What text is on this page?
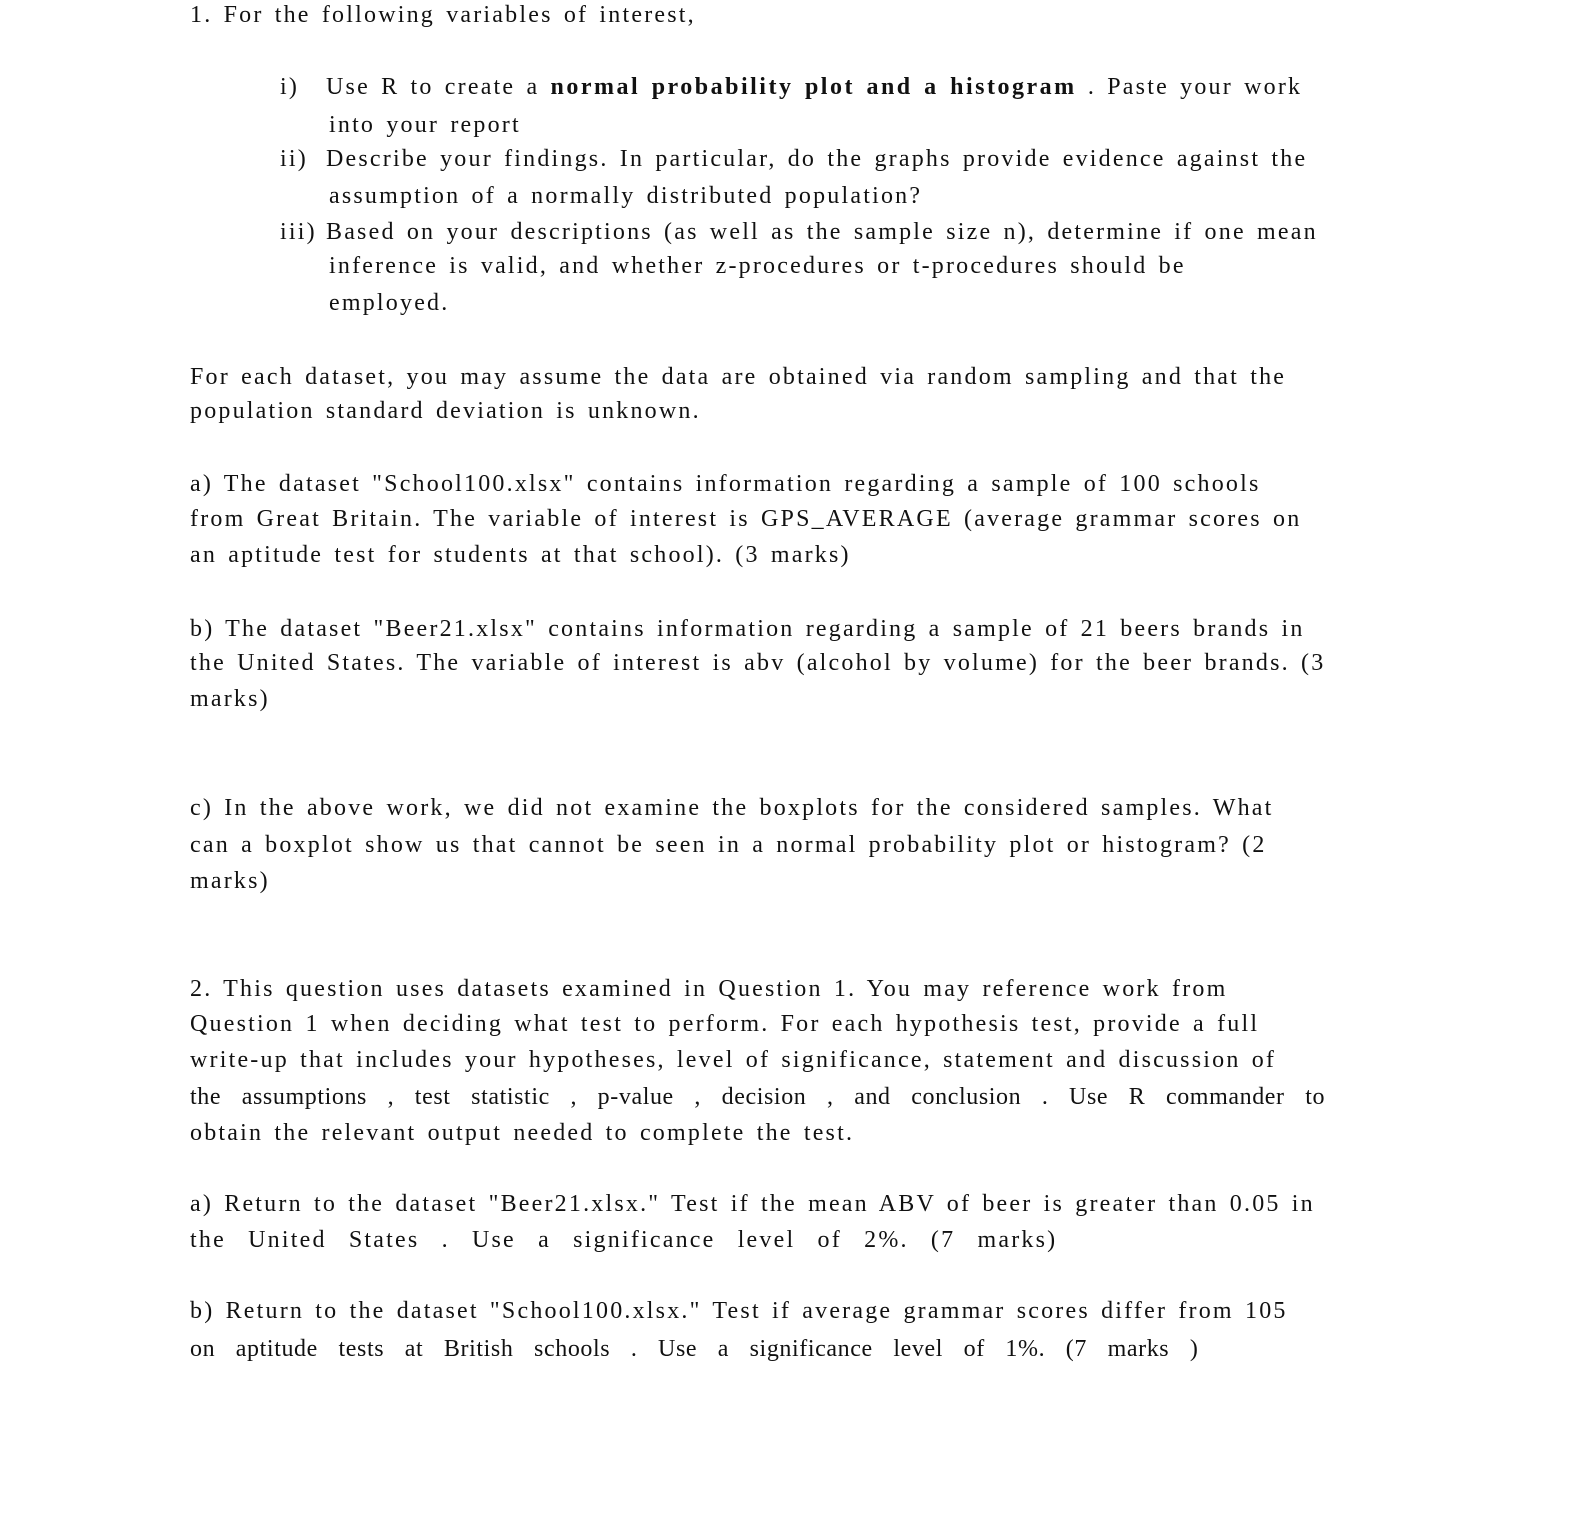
1. For the following variables of interest,
i) Use R to create a normal probability plot and a histogram . Paste your work
into your report
ii) Describe your findings. In particular, do the graphs provide evidence against the
assumption of a normally distributed population?
iii) Based on your descriptions (as well as the sample size n), determine if one mean
inference is valid, and whether z-procedures or t-procedures should be
employed.
For each dataset, you may assume the data are obtained via random sampling and that the
population standard deviation is unknown.
a) The dataset "School100.xlsx" contains information regarding a sample of 100 schools
from Great Britain. The variable of interest is GPS_AVERAGE (average grammar scores on
an aptitude test for students at that school). (3 marks)
b) The dataset "Beer21.xlsx" contains information regarding a sample of 21 beers brands in
the United States. The variable of interest is abv (alcohol by volume) for the beer brands. (3
marks)
c) In the above work, we did not examine the boxplots for the considered samples. What
can a boxplot show us that cannot be seen in a normal probability plot or histogram? (2
marks)
2. This question uses datasets examined in Question 1. You may reference work from
Question 1 when deciding what test to perform. For each hypothesis test, provide a full
write-up that includes your hypotheses, level of significance, statement and discussion of
the assumptions , test statistic , p-value , decision , and conclusion . Use R commander to
obtain the relevant output needed to complete the test.
a) Return to the dataset "Beer21.xlsx." Test if the mean ABV of beer is greater than 0.05 in
the United States . Use a significance level of 2%. (7 marks)
b) Return to the dataset "School100.xlsx." Test if average grammar scores differ from 105
on aptitude tests at British schools . Use a significance level of 1%. (7 marks )
